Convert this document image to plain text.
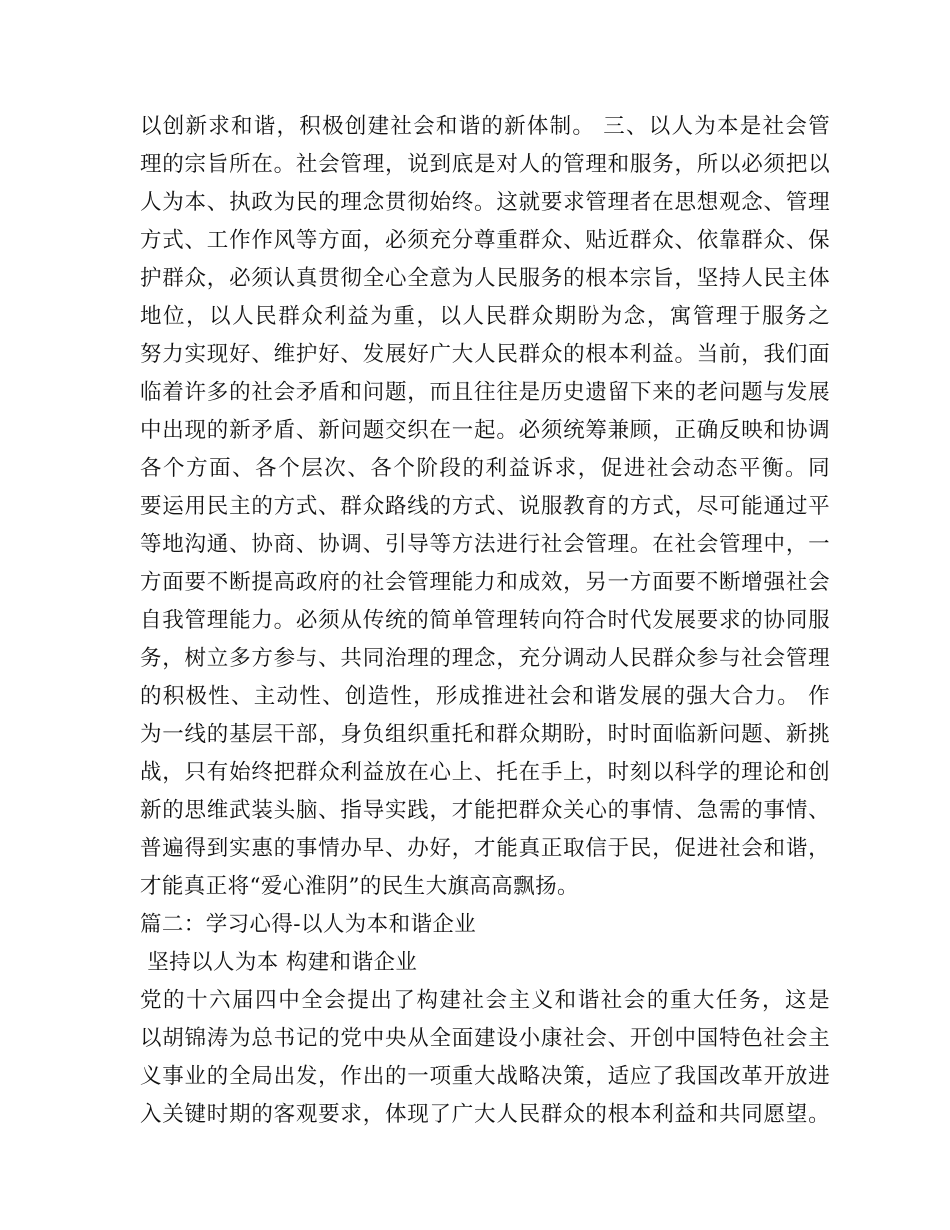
以创新求和谐，积极创建社会和谐的新体制。 三、以人为本是社会管
理的宗旨所在。社会管理，说到底是对人的管理和服务，所以必须把以
人为本、执政为民的理念贯彻始终。这就要求管理者在思想观念、管理
方式、工作作风等方面，必须充分尊重群众、贴近群众、依靠群众、保
护群众，必须认真贯彻全心全意为人民服务的根本宗旨，坚持人民主体
地位，以人民群众利益为重，以人民群众期盼为念，寓管理于服务之
努力实现好、维护好、发展好广大人民群众的根本利益。当前，我们面
临着许多的社会矛盾和问题，而且往往是历史遗留下来的老问题与发展
中出现的新矛盾、新问题交织在一起。必须统筹兼顾，正确反映和协调
各个方面、各个层次、各个阶段的利益诉求，促进社会动态平衡。同
要运用民主的方式、群众路线的方式、说服教育的方式，尽可能通过平
等地沟通、协商、协调、引导等方法进行社会管理。在社会管理中，一
方面要不断提高政府的社会管理能力和成效，另一方面要不断增强社会
自我管理能力。必须从传统的简单管理转向符合时代发展要求的协同服
务，树立多方参与、共同治理的理念，充分调动人民群众参与社会管理
的积极性、主动性、创造性，形成推进社会和谐发展的强大合力。 作
为一线的基层干部，身负组织重托和群众期盼，时时面临新问题、新挑
战，只有始终把群众利益放在心上、托在手上，时刻以科学的理论和创
新的思维武装头脑、指导实践，才能把群众关心的事情、急需的事情、
普遍得到实惠的事情办早、办好，才能真正取信于民，促进社会和谐，
才能真正将“爱心淮阴”的民生大旗高高飘扬。
篇二：学习心得-以人为本和谐企业
坚持以人为本 构建和谐企业
党的十六届四中全会提出了构建社会主义和谐社会的重大任务，这是
以胡锦涛为总书记的党中央从全面建设小康社会、开创中国特色社会主
义事业的全局出发，作出的一项重大战略决策，适应了我国改革开放进
入关键时期的客观要求，体现了广大人民群众的根本利益和共同愿望。
